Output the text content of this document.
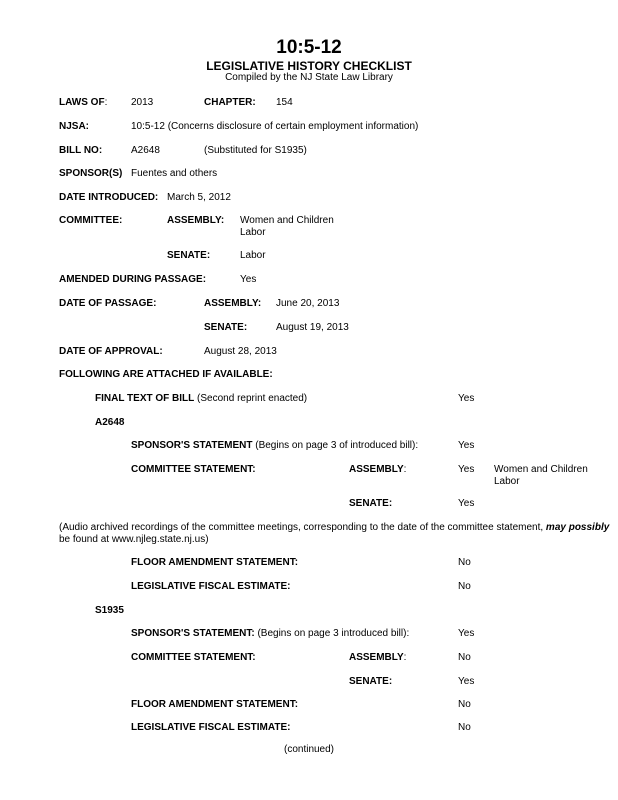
10:5-12
LEGISLATIVE HISTORY CHECKLIST
Compiled by the NJ State Law Library
LAWS OF: 2013	CHAPTER: 154
NJSA:	10:5-12 (Concerns disclosure of certain employment information)
BILL NO:	A2648	(Substituted for S1935)
SPONSOR(S) Fuentes and others
DATE INTRODUCED: March 5, 2012
COMMITTEE:	ASSEMBLY: Women and Children
Labor
SENATE:	Labor
AMENDED DURING PASSAGE:	Yes
DATE OF PASSAGE:	ASSEMBLY: June 20, 2013
SENATE:	August 19, 2013
DATE OF APPROVAL:	August 28, 2013
FOLLOWING ARE ATTACHED IF AVAILABLE:
FINAL TEXT OF BILL (Second reprint enacted)	Yes
A2648
SPONSOR'S STATEMENT (Begins on page 3 of introduced bill):	Yes
COMMITTEE STATEMENT:	ASSEMBLY:	Yes Women and Children
Labor
SENATE:	Yes
(Audio archived recordings of the committee meetings, corresponding to the date of the committee statement, may possibly
be found at www.njleg.state.nj.us)
FLOOR AMENDMENT STATEMENT:	No
LEGISLATIVE FISCAL ESTIMATE:	No
S1935
SPONSOR'S STATEMENT: (Begins on page 3 introduced bill):	Yes
COMMITTEE STATEMENT:	ASSEMBLY:	No
SENATE:	Yes
FLOOR AMENDMENT STATEMENT:	No
LEGISLATIVE FISCAL ESTIMATE:	No
(continued)
